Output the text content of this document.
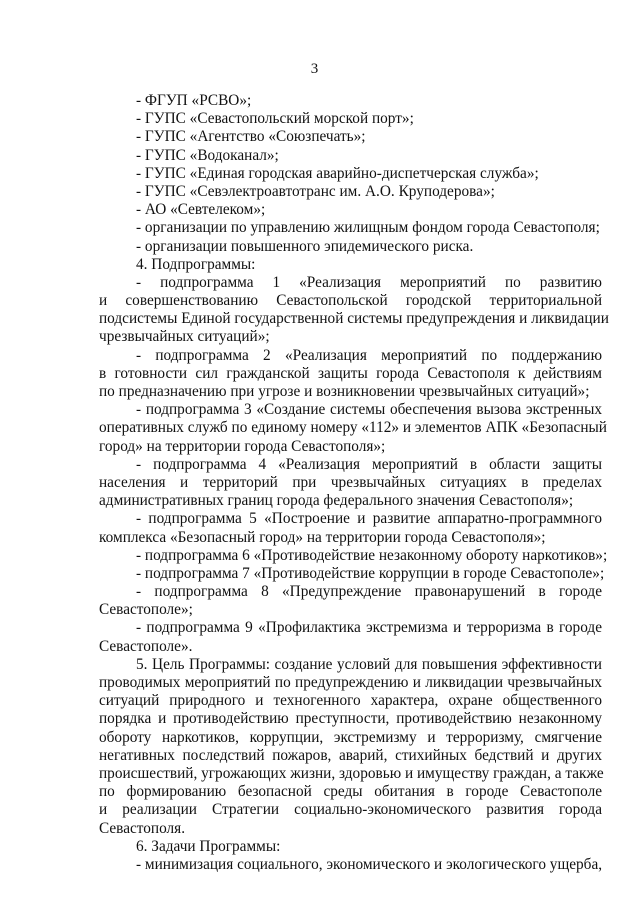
3
- ФГУП «РСВО»;
- ГУПС «Севастопольский морской порт»;
- ГУПС «Агентство «Союзпечать»;
- ГУПС «Водоканал»;
- ГУПС «Единая городская аварийно-диспетчерская служба»;
- ГУПС «Севэлектроавтотранс им. А.О. Круподерова»;
- АО «Севтелеком»;
- организации по управлению жилищным фондом города Севастополя;
- организации повышенного эпидемического риска.
4. Подпрограммы:
- подпрограмма 1 «Реализация мероприятий по развитию
и совершенствованию Севастопольской городской территориальной
подсистемы Единой государственной системы предупреждения и ликвидации
чрезвычайных ситуаций»;
- подпрограмма 2 «Реализация мероприятий по поддержанию
в готовности сил гражданской защиты города Севастополя к действиям
по предназначению при угрозе и возникновении чрезвычайных ситуаций»;
- подпрограмма 3 «Создание системы обеспечения вызова экстренных
оперативных служб по единому номеру «112» и элементов АПК «Безопасный
город» на территории города Севастополя»;
- подпрограмма 4 «Реализация мероприятий в области защиты
населения и территорий при чрезвычайных ситуациях в пределах
административных границ города федерального значения Севастополя»;
- подпрограмма 5 «Построение и развитие аппаратно-программного
комплекса «Безопасный город» на территории города Севастополя»;
- подпрограмма 6 «Противодействие незаконному обороту наркотиков»;
- подпрограмма 7 «Противодействие коррупции в городе Севастополе»;
- подпрограмма 8 «Предупреждение правонарушений в городе
Севастополе»;
- подпрограмма 9 «Профилактика экстремизма и терроризма в городе
Севастополе».
5. Цель Программы: создание условий для повышения эффективности
проводимых мероприятий по предупреждению и ликвидации чрезвычайных
ситуаций природного и техногенного характера, охране общественного
порядка и противодействию преступности, противодействию незаконному
обороту наркотиков, коррупции, экстремизму и терроризму, смягчение
негативных последствий пожаров, аварий, стихийных бедствий и других
происшествий, угрожающих жизни, здоровью и имуществу граждан, а также
по формированию безопасной среды обитания в городе Севастополе
и реализации Стратегии социально-экономического развития города
Севастополя.
6. Задачи Программы:
- минимизация социального, экономического и экологического ущерба,
